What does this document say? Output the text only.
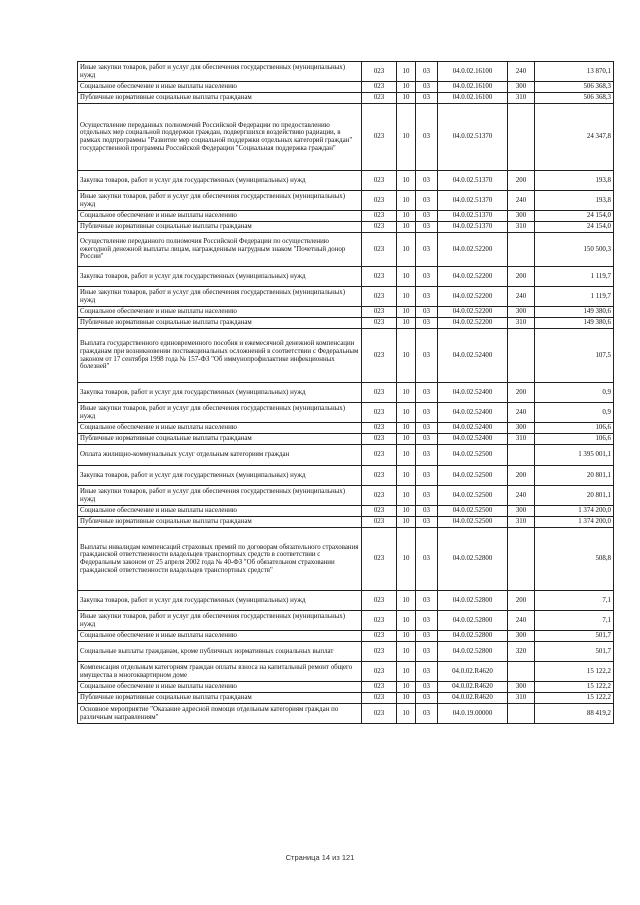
Иные закупки товаров, работ и услуг для обеспечения государственных (муниципальных) нужд	023	10	03	04.0.02.16100	240	13 870,1
Социальное обеспечение и иные выплаты населению	023	10	03	04.0.02.16100	300	506 368,3
Публичные нормативные социальные выплаты гражданам	023	10	03	04.0.02.16100	310	506 368,3
Осуществление переданных полномочий Российской Федерации по предоставлению отдельных мер социальной поддержки граждан, подвергшихся воздействию радиации, в рамках подпрограммы "Развитие мер социальной поддержки отдельных категорий граждан" государственной программы Российской Федерации "Социальная поддержка граждан"	023	10	03	04.0.02.51370		24 347,8
Закупка товаров, работ и услуг для государственных (муниципальных) нужд	023	10	03	04.0.02.51370	200	193,8
Иные закупки товаров, работ и услуг для обеспечения государственных (муниципальных) нужд	023	10	03	04.0.02.51370	240	193,8
Социальное обеспечение и иные выплаты населению	023	10	03	04.0.02.51370	300	24 154,0
Публичные нормативные социальные выплаты гражданам	023	10	03	04.0.02.51370	310	24 154,0
Осуществление переданного полномочия Российской Федерации по осуществлению ежегодной денежной выплаты лицам, награжденным нагрудным знаком "Почетный донор России"	023	10	03	04.0.02.52200		150 500,3
Закупка товаров, работ и услуг для государственных (муниципальных) нужд	023	10	03	04.0.02.52200	200	1 119,7
Иные закупки товаров, работ и услуг для обеспечения государственных (муниципальных) нужд	023	10	03	04.0.02.52200	240	1 119,7
Социальное обеспечение и иные выплаты населению	023	10	03	04.0.02.52200	300	149 380,6
Публичные нормативные социальные выплаты гражданам	023	10	03	04.0.02.52200	310	149 380,6
Выплата государственного единовременного пособия и ежемесячной денежной компенсации гражданам при возникновении поствакцинальных осложнений в соответствии с Федеральным законом от 17 сентября 1998 года № 157-ФЗ "Об иммунопрофилактике инфекционных болезней"	023	10	03	04.0.02.52400		107,5
Закупка товаров, работ и услуг для государственных (муниципальных) нужд	023	10	03	04.0.02.52400	200	0,9
Иные закупки товаров, работ и услуг для обеспечения государственных (муниципальных) нужд	023	10	03	04.0.02.52400	240	0,9
Социальное обеспечение и иные выплаты населению	023	10	03	04.0.02.52400	300	106,6
Публичные нормативные социальные выплаты гражданам	023	10	03	04.0.02.52400	310	106,6
Оплата жилищно-коммунальных услуг отдельным категориям граждан	023	10	03	04.0.02.52500		1 395 001,1
Закупка товаров, работ и услуг для государственных (муниципальных) нужд	023	10	03	04.0.02.52500	200	20 801,1
Иные закупки товаров, работ и услуг для обеспечения государственных (муниципальных) нужд	023	10	03	04.0.02.52500	240	20 801,1
Социальное обеспечение и иные выплаты населению	023	10	03	04.0.02.52500	300	1 374 200,0
Публичные нормативные социальные выплаты гражданам	023	10	03	04.0.02.52500	310	1 374 200,0
Выплаты инвалидам компенсаций страховых премий по договорам обязательного страхования гражданской ответственности владельцев транспортных средств в соответствии с Федеральным законом от 25 апреля 2002 года № 40-ФЗ "Об обязательном страховании гражданской ответственности владельцев транспортных средств"	023	10	03	04.0.02.52800		508,8
Закупка товаров, работ и услуг для государственных (муниципальных) нужд	023	10	03	04.0.02.52800	200	7,1
Иные закупки товаров, работ и услуг для обеспечения государственных (муниципальных) нужд	023	10	03	04.0.02.52800	240	7,1
Социальное обеспечение и иные выплаты населению	023	10	03	04.0.02.52800	300	501,7
Социальные выплаты гражданам, кроме публичных нормативных социальных выплат	023	10	03	04.0.02.52800	320	501,7
Компенсация отдельным категориям граждан оплаты взноса на капитальный ремонт общего имущества в многоквартирном доме	023	10	03	04.0.02.R4620		15 122,2
Социальное обеспечение и иные выплаты населению	023	10	03	04.0.02.R4620	300	15 122,2
Публичные нормативные социальные выплаты гражданам	023	10	03	04.0.02.R4620	310	15 122,2
Основное мероприятие "Оказание адресной помощи отдельным категориям граждан по различным направлениям"	023	10	03	04.0.19.00000		88 419,2
Страница 14 из 121
